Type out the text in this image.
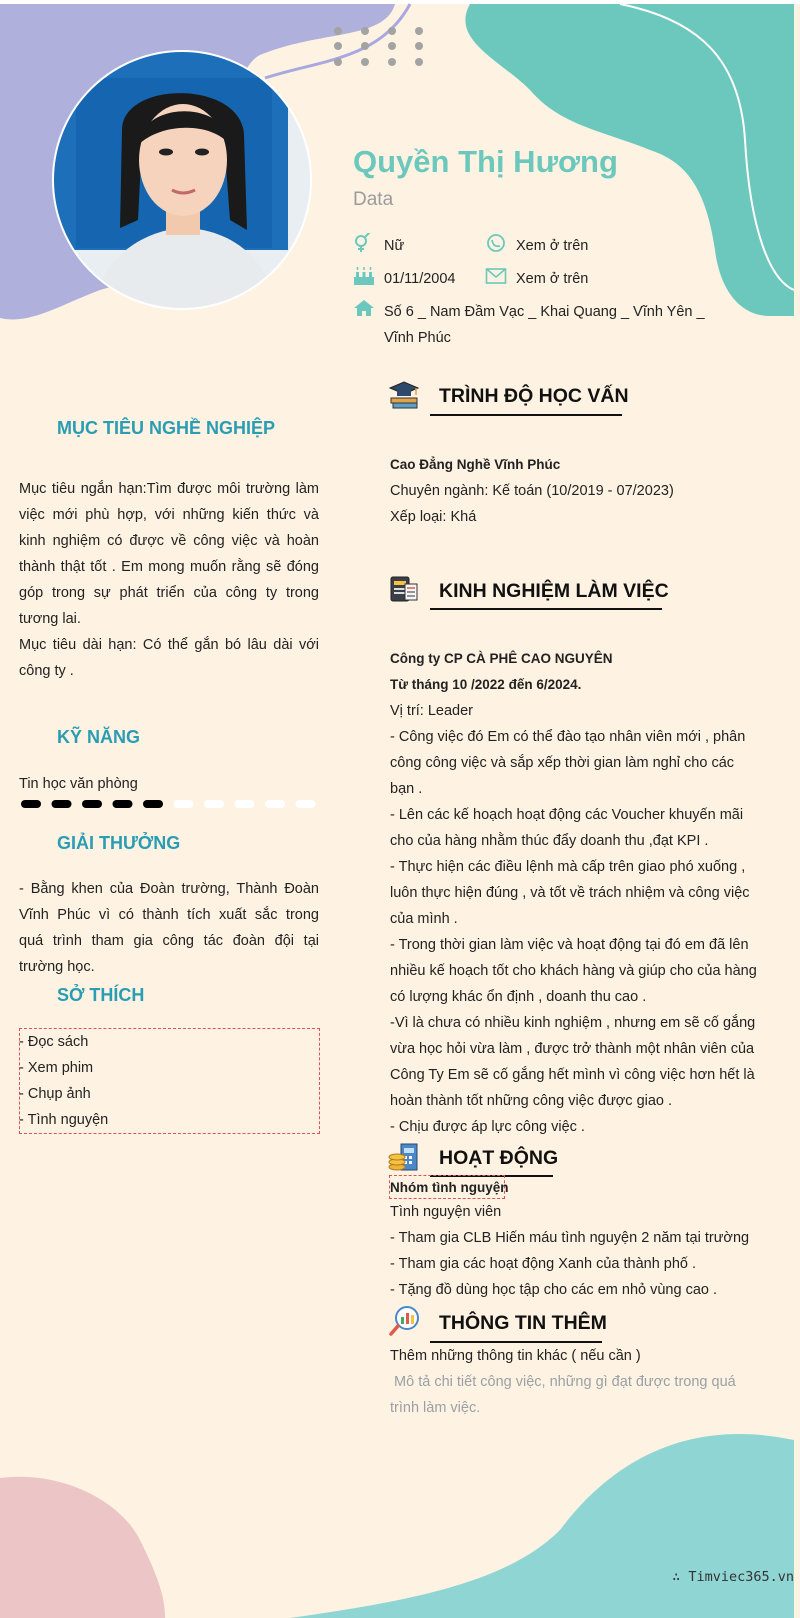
Quyền Thị Hương
Data
Nữ	Xem ở trên
01/11/2004	Xem ở trên
Số 6 _ Nam Đầm Vạc _ Khai Quang _ Vĩnh Yên _
Vĩnh Phúc
MỤC TIÊU NGHỀ NGHIỆP
Mục tiêu ngắn hạn:Tìm được môi trường làm
việc mới phù hợp, với những kiến thức và
kinh nghiệm có được về công việc và hoàn
thành thật tốt . Em mong muốn rằng sẽ đóng
góp trong sự phát triển của công ty trong
tương lai.
Mục tiêu dài hạn: Có thể gắn bó lâu dài với
công ty .
KỸ NĂNG
Tin học văn phòng
GIẢI THƯỞNG
- Bằng khen của Đoàn trường, Thành Đoàn
Vĩnh Phúc vì có thành tích xuất sắc trong
quá trình tham gia công tác đoàn đội tại
trường học.
SỞ THÍCH
- Đọc sách
- Xem phim
- Chụp ảnh
- Tình nguyện
TRÌNH ĐỘ HỌC VẤN
Cao Đẳng Nghề Vĩnh Phúc
Chuyên ngành: Kế toán (10/2019 - 07/2023)
Xếp loại: Khá
KINH NGHIỆM LÀM VIỆC
Công ty CP CÀ PHÊ CAO NGUYÊN
Từ tháng 10 /2022 đến 6/2024.
Vị trí: Leader
- Công việc đó Em có thể đào tạo nhân viên mới , phân
công công việc và sắp xếp thời gian làm nghỉ cho các
bạn .
- Lên các kế hoạch hoạt động các Voucher khuyến mãi
cho của hàng nhằm thúc đẩy doanh thu ,đạt KPI .
- Thực hiện các điều lệnh mà cấp trên giao phó xuống ,
luôn thực hiện đúng , và tốt về trách nhiệm và công việc
của mình .
- Trong thời gian làm việc và hoạt động tại đó em đã lên
nhiều kế hoạch tốt cho khách hàng và giúp cho của hàng
có lượng khác ổn định , doanh thu cao .
-Vì là chưa có nhiều kinh nghiệm , nhưng em sẽ cố gắng
vừa học hỏi vừa làm , được trở thành một nhân viên của
Công Ty Em sẽ cố gắng hết mình vì công việc hơn hết là
hoàn thành tốt những công việc được giao .
- Chịu được áp lực công việc .
HOẠT ĐỘNG
Nhóm tình nguyện
Tình nguyện viên
- Tham gia CLB Hiến máu tình nguyện 2 năm tại trường
- Tham gia các hoạt động Xanh của thành phố .
- Tặng đồ dùng học tập cho các em nhỏ vùng cao .
THÔNG TIN THÊM
Thêm những thông tin khác ( nếu cần )
Mô tả chi tiết công việc, những gì đạt được trong quá
trình làm việc.
∴ Timviec365.vn
